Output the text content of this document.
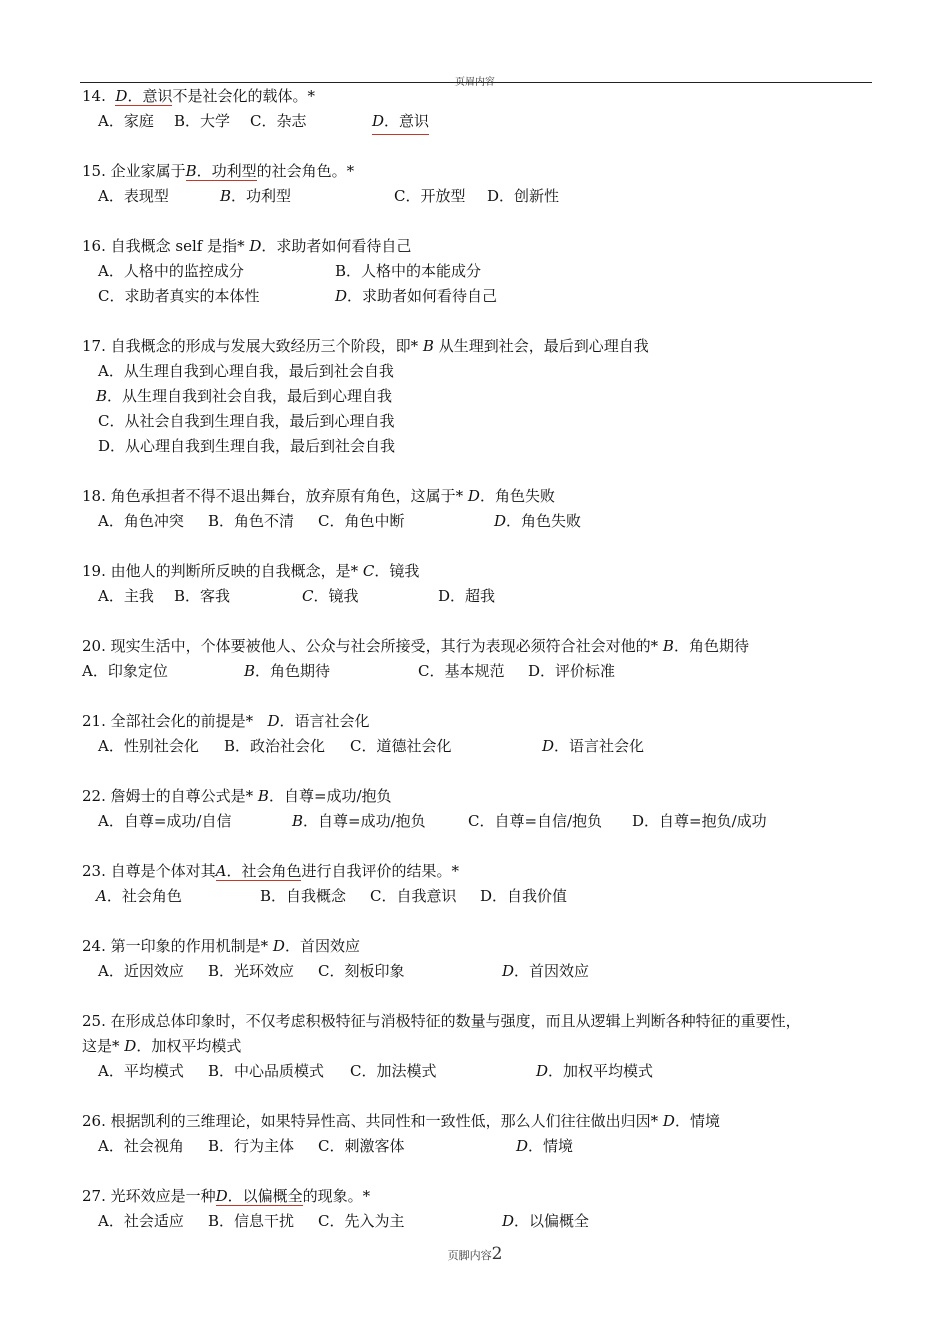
页眉内容
14. D．意识不是社会化的载体。*
A．家庭 B．大学 C．杂志	D．意识
15. 企业家属于B．功利型的社会角色。*
A．表现型	B．功利型	C．开放型 D．创新性
16. 自我概念 self 是指* D．求助者如何看待自己
A．人格中的监控成分	B．人格中的本能成分
C．求助者真实的本体性	D．求助者如何看待自己
17. 自我概念的形成与发展大致经历三个阶段，即* B 从生理到社会，最后到心理自我
A．从生理自我到心理自我，最后到社会自我
B．从生理自我到社会自我，最后到心理自我
C．从社会自我到生理自我，最后到心理自我
D．从心理自我到生理自我，最后到社会自我
18. 角色承担者不得不退出舞台，放弃原有角色，这属于* D．角色失败
A．角色冲突 B．角色不清 C．角色中断	D．角色失败
19. 由他人的判断所反映的自我概念，是* C．镜我
A．主我 B．客我	C．镜我	D．超我
20. 现实生活中，个体要被他人、公众与社会所接受，其行为表现必须符合社会对他的* B．角色期待
A．印象定位	B．角色期待	C．基本规范 D．评价标准
21. 全部社会化的前提是* D．语言社会化
A．性别社会化 B．政治社会化 C．道德社会化	D．语言社会化
22. 詹姆士的自尊公式是* B．自尊=成功/抱负
A．自尊=成功/自信	B．自尊=成功/抱负	C．自尊=自信/抱负 D．自尊=抱负/成功
23. 自尊是个体对其A．社会角色进行自我评价的结果。*
A．社会角色	B．自我概念 C．自我意识 D．自我价值
24. 第一印象的作用机制是* D．首因效应
A．近因效应 B．光环效应 C．刻板印象	D．首因效应
25. 在形成总体印象时，不仅考虑积极特征与消极特征的数量与强度，而且从逻辑上判断各种特征的重要性，
这是* D．加权平均模式
A．平均模式 B．中心品质模式 C．加法模式	D．加权平均模式
26. 根据凯利的三维理论，如果特异性高、共同性和一致性低，那么人们往往做出归因* D．情境
A．社会视角 B．行为主体 C．刺激客体	D．情境
27. 光环效应是一种D．以偏概全的现象。*
A．社会适应 B．信息干扰 C．先入为主	D．以偏概全
页脚内容2
